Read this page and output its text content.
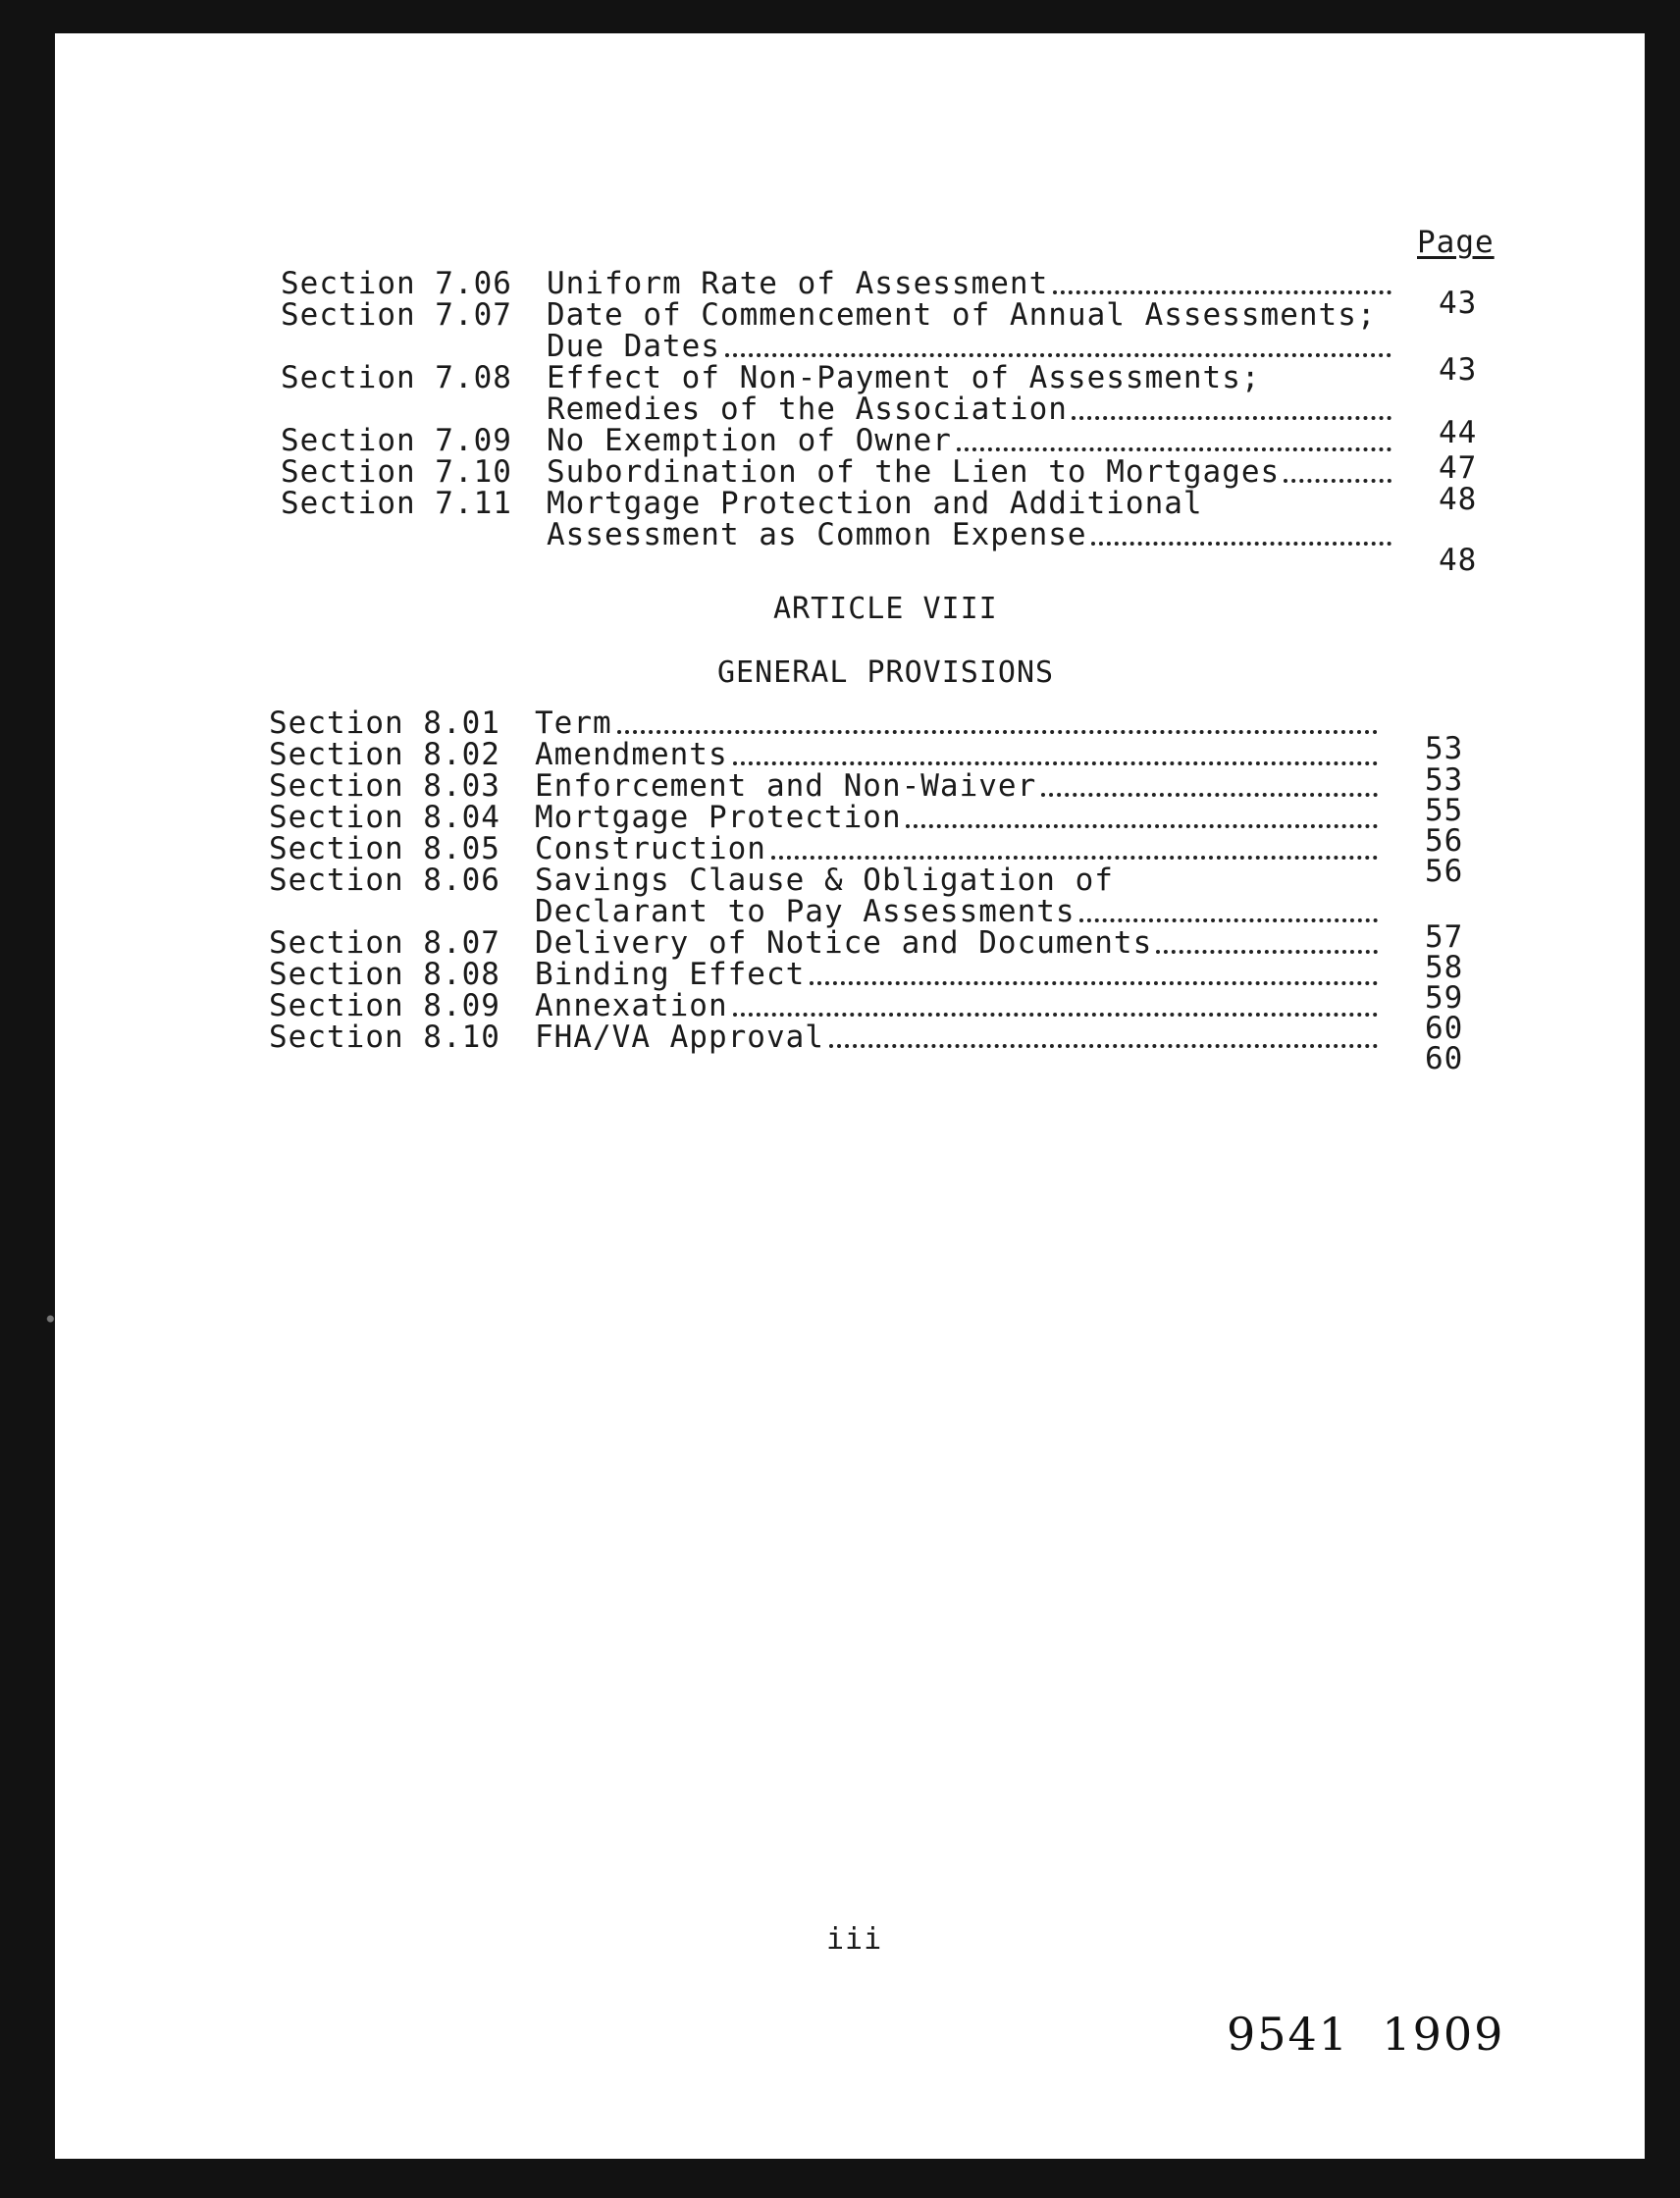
Page
ARTICLE VIII
GENERAL PROVISIONS
iii
9541  1909
Section 7.06 Uniform Rate of Assessment
43
Section 7.07 Date of Commencement of Annual Assessments;
Due Dates
43
Section 7.08 Effect of Non-Payment of Assessments;
Remedies of the Association
44
Section 7.09 No Exemption of Owner
47
Section 7.10 Subordination of the Lien to Mortgages
48
Section 7.11 Mortgage Protection and Additional
Assessment as Common Expense
48
Section 8.01 Term
53
Section 8.02 Amendments
53
Section 8.03 Enforcement and Non-Waiver
55
Section 8.04 Mortgage Protection
56
Section 8.05 Construction
56
Section 8.06 Savings Clause & Obligation of
Declarant to Pay Assessments
57
Section 8.07 Delivery of Notice and Documents
58
Section 8.08 Binding Effect
59
Section 8.09 Annexation
60
Section 8.10 FHA/VA Approval
60
